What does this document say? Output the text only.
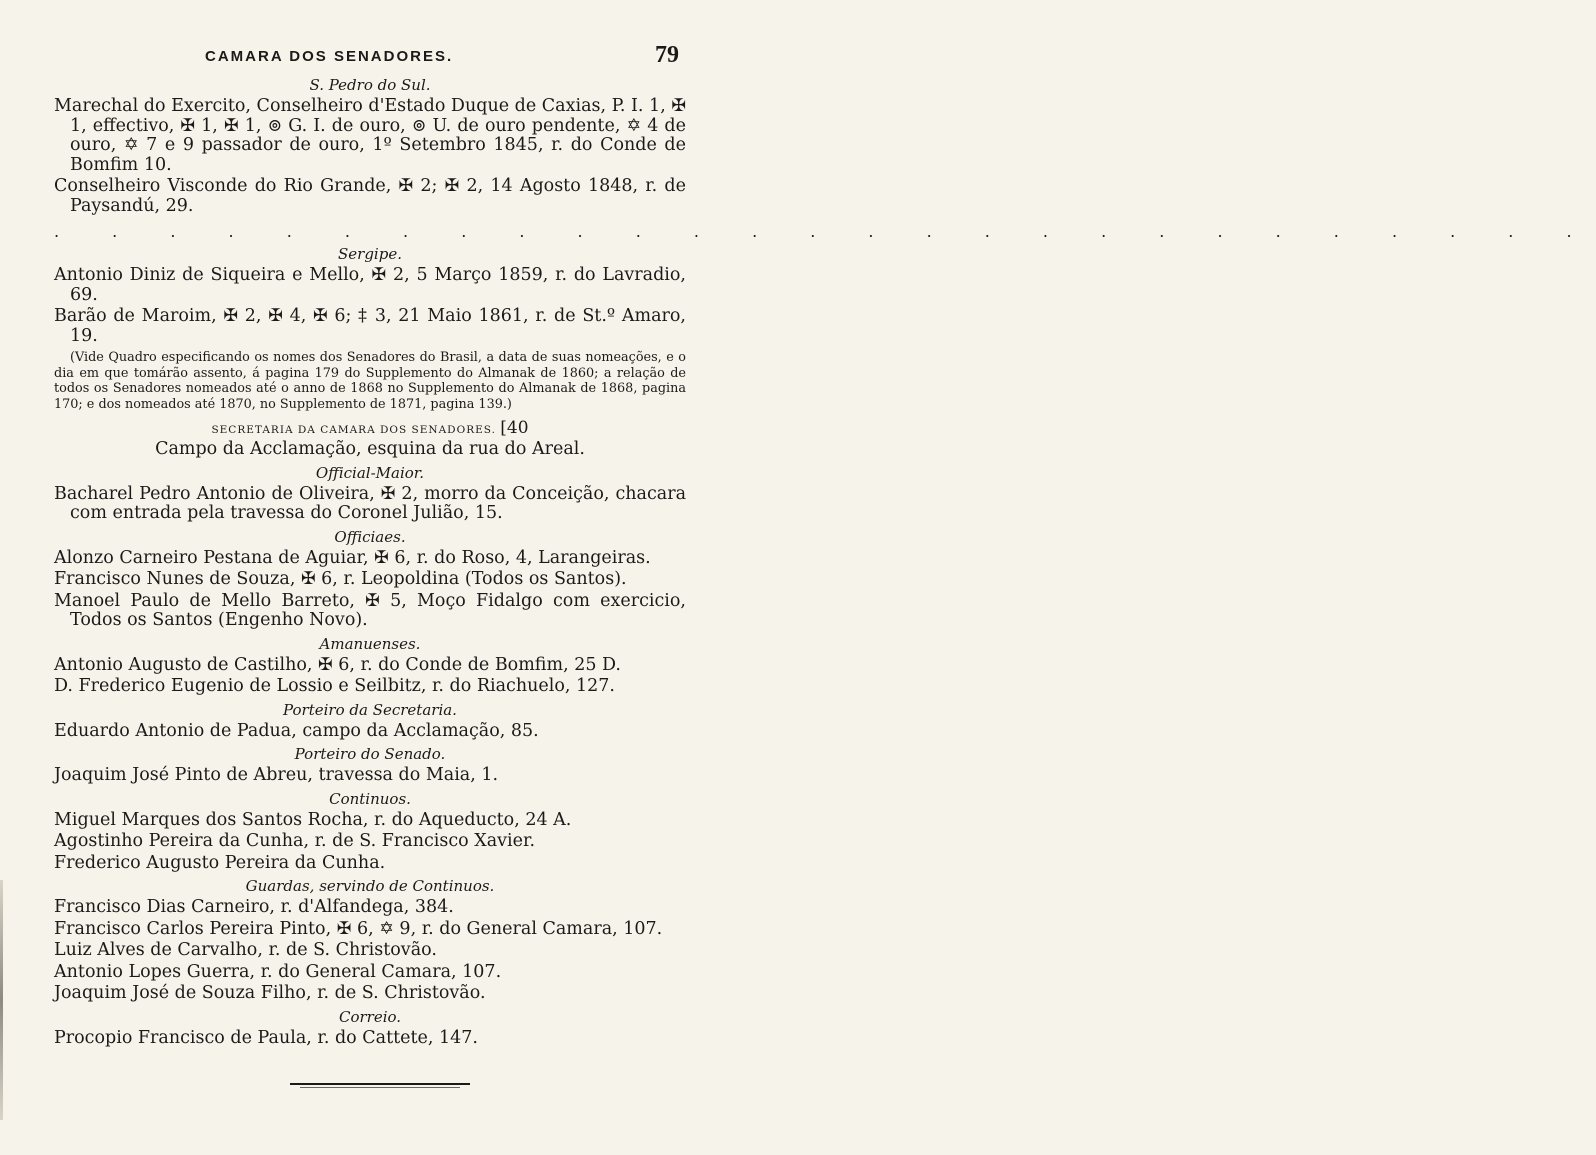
CAMARA DOS SENADORES.	79
S. Pedro do Sul.

Marechal do Exercito, Conselheiro d'Estado Duque de Caxias, P. I. 1, ✠ 1, effectivo, ✠ 1, ✠ 1, ⊚ G. I. de ouro, ⊚ U. de ouro pendente, ✡ 4 de ouro, ✡ 7 e 9 passador de ouro, 1º Setembro 1845, r. do Conde de Bomfim 10.

Conselheiro Visconde do Rio Grande, ✠ 2; ✠ 2, 14 Agosto 1848, r. de Paysandú, 29.

. . . . . . . . . . . . . . . . . . . . . . . . . . .
Sergipe.

Antonio Diniz de Siqueira e Mello, ✠ 2, 5 Março 1859, r. do Lavradio, 69.

Barão de Maroim, ✠ 2, ✠ 4, ✠ 6; ‡ 3, 21 Maio 1861, r. de St.º Amaro, 19.

(Vide Quadro especificando os nomes dos Senadores do Brasil, a data de suas nomeações, e o dia em que tomárão assento, á pagina 179 do Supplemento do Almanak de 1860; a relação de todos os Senadores nomeados até o anno de 1868 no Supplemento do Almanak de 1868, pagina 170; e dos nomeados até 1870, no Supplemento de 1871, pagina 139.)

SECRETARIA DA CAMARA DOS SENADORES. [40
Campo da Acclamação, esquina da rua do Areal.
Official-Maior.

Bacharel Pedro Antonio de Oliveira, ✠ 2, morro da Conceição, chacara com entrada pela travessa do Coronel Julião, 15.

Officiaes.

Alonzo Carneiro Pestana de Aguiar, ✠ 6, r. do Roso, 4, Larangeiras.

Francisco Nunes de Souza, ✠ 6, r. Leopoldina (Todos os Santos).

Manoel Paulo de Mello Barreto, ✠ 5, Moço Fidalgo com exercicio, Todos os Santos (Engenho Novo).

Amanuenses.

Antonio Augusto de Castilho, ✠ 6, r. do Conde de Bomfim, 25 D.

D. Frederico Eugenio de Lossio e Seilbitz, r. do Riachuelo, 127.

Porteiro da Secretaria.

Eduardo Antonio de Padua, campo da Acclamação, 85.

Porteiro do Senado.

Joaquim José Pinto de Abreu, travessa do Maia, 1.

Continuos.

Miguel Marques dos Santos Rocha, r. do Aqueducto, 24 A.

Agostinho Pereira da Cunha, r. de S. Francisco Xavier.

Frederico Augusto Pereira da Cunha.

Guardas, servindo de Continuos.

Francisco Dias Carneiro, r. d'Alfandega, 384.

Francisco Carlos Pereira Pinto, ✠ 6, ✡ 9, r. do General Camara, 107.

Luiz Alves de Carvalho, r. de S. Christovão.

Antonio Lopes Guerra, r. do General Camara, 107.

Joaquim José de Souza Filho, r. de S. Christovão.

Correio.

Procopio Francisco de Paula, r. do Cattete, 147.
